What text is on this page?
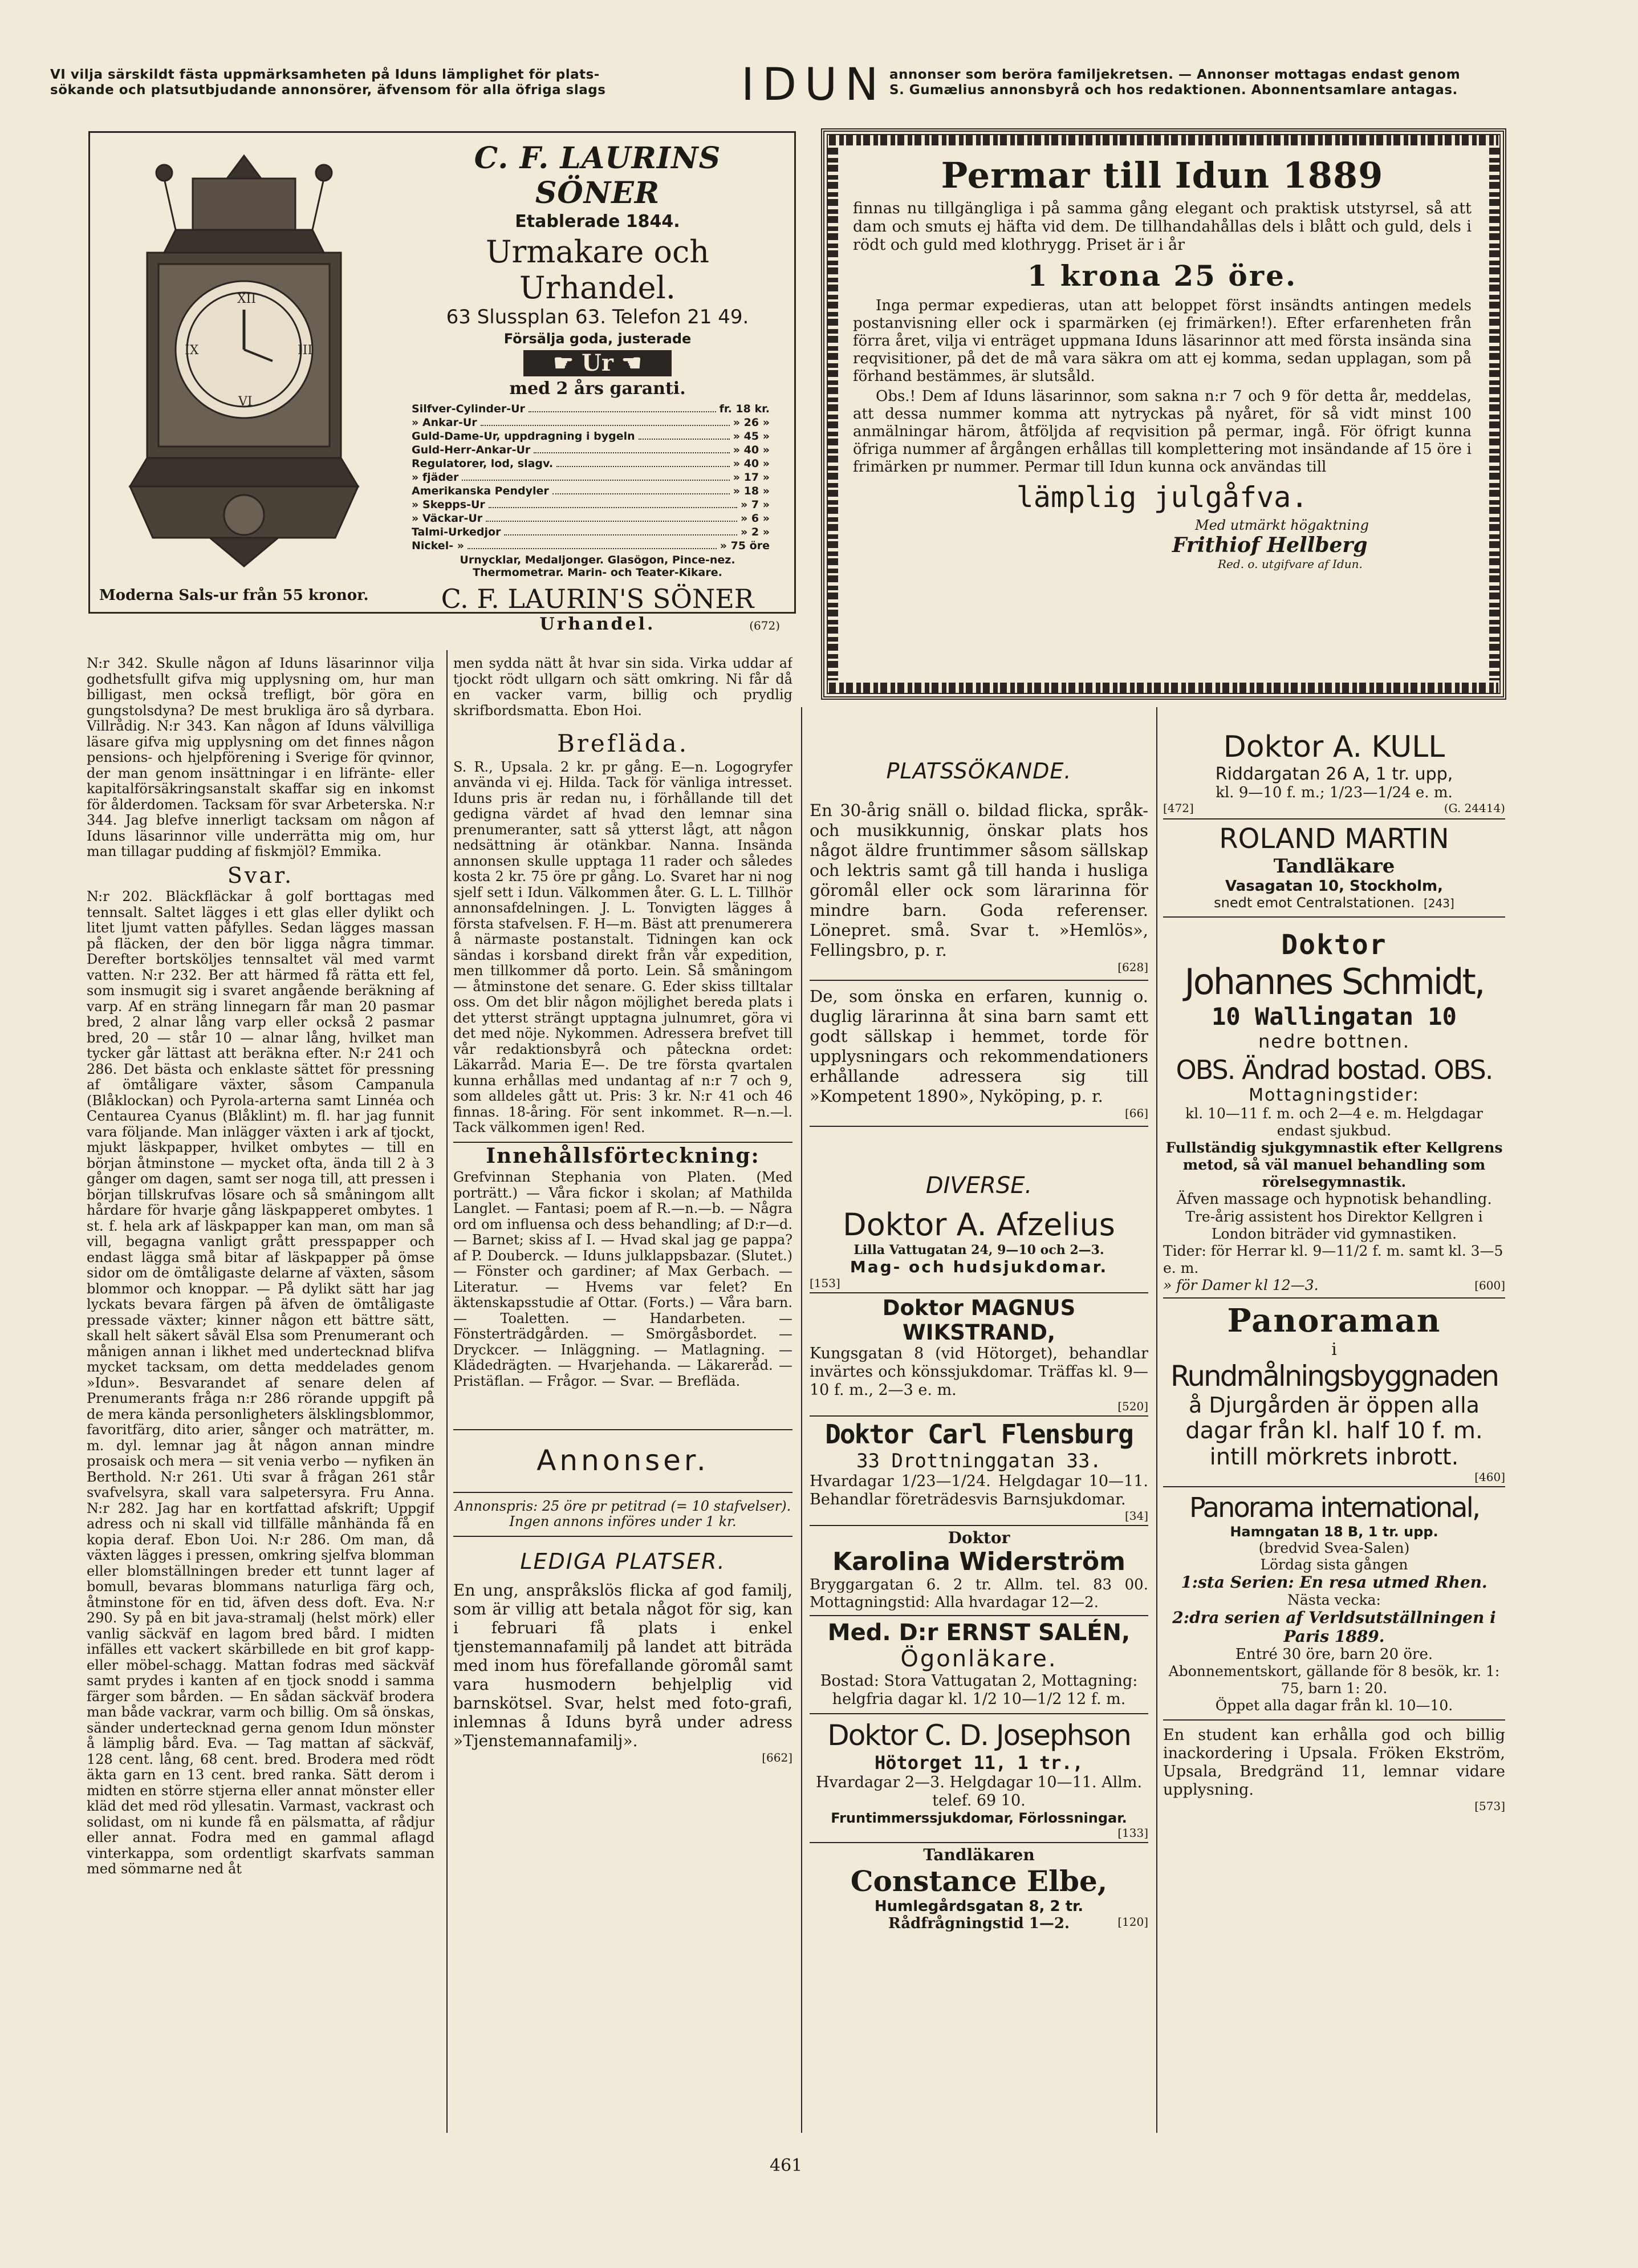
VI vilja särskildt fästa uppmärksamheten på Iduns lämplighet för plats-
sökande och platsutbjudande annonsörer, äfvensom för alla öfriga slags	IDUN annonser som beröra familjekretsen. — Annonser mottagas endast genom
S. Gumælius annonsbyrå och hos redaktionen. Abonnentsamlare antagas.
XII
III
VI
IX
Moderna Sals-ur från 55 kronor.
C. F. LAURINS SÖNER
Etablerade 1844.
Urmakare och Urhandel.
63 Slussplan 63. Telefon 21 49.
Försälja goda, justerade
☛ Ur ☚
med 2 års garanti.
Silfver-Cylinder-Ur	fr. 18 kr.
» Ankar-Ur	» 26 »
Guld-Dame-Ur, uppdragning i bygeln	» 45 »
Guld-Herr-Ankar-Ur	» 40 »
Regulatorer, lod, slagv.	» 40 »
» fjäder	» 17 »
Amerikanska Pendyler	» 18 »
» Skepps-Ur	» 7 »
» Väckar-Ur	» 6 »
Talmi-Urkedjor	» 2 »
Nickel- »	» 75 öre
Urnycklar, Medaljonger. Glasögon, Pince-nez.
Thermometrar. Marin- och Teater-Kikare.
C. F. LAURIN'S SÖNER
Urhandel.	(672)
Permar till Idun 1889
finnas nu tillgängliga i på samma gång elegant och praktisk utstyrsel, så att dam och smuts ej häfta vid dem. De tillhandahållas dels i blått och guld, dels i rödt och guld med klothrygg. Priset är i år
1 krona 25 öre.
Inga permar expedieras, utan att beloppet först insändts antingen medels postanvisning eller ock i sparmärken (ej frimärken!). Efter erfarenheten från förra året, vilja vi enträget uppmana Iduns läsarinnor att med första insända sina reqvisitioner, på det de må vara säkra om att ej komma, sedan upplagan, som på förhand bestämmes, är slutsåld.
Obs.! Dem af Iduns läsarinnor, som sakna n:r 7 och 9 för detta år, meddelas, att dessa nummer komma att nytryckas på nyåret, för så vidt minst 100 anmälningar härom, åtföljda af reqvisition på permar, ingå. För öfrigt kunna öfriga nummer af årgången erhållas till komplettering mot insändande af 15 öre i frimärken pr nummer. Permar till Idun kunna ock användas till
lämplig julgåfva.
Med utmärkt högaktning
Frithiof Hellberg
Red. o. utgifvare af Idun.

N:r 342. Skulle någon af Iduns läsarinnor vilja godhetsfullt gifva mig upplysning om, hur man billigast, men också trefligt, bör göra en gungstolsdyna? De mest brukliga äro så dyrbara. Villrådig. N:r 343. Kan någon af Iduns välvilliga läsare gifva mig upplysning om det finnes någon pensions- och hjelpförening i Sverige för qvinnor, der man genom insättningar i en lifränte- eller kapitalförsäkringsanstalt skaffar sig en inkomst för ålderdomen. Tacksam för svar Arbeterska. N:r 344. Jag blefve innerligt tacksam om någon af Iduns läsarinnor ville underrätta mig om, hur man tillagar pudding af fiskmjöl? Emmika.

Svar.

N:r 202. Bläckfläckar å golf borttagas med tennsalt. Saltet lägges i ett glas eller dylikt och litet ljumt vatten påfylles. Sedan lägges massan på fläcken, der den bör ligga några timmar. Derefter bortsköljes tennsaltet väl med varmt vatten. N:r 232. Ber att härmed få rätta ett fel, som insmugit sig i svaret angående beräkning af varp. Af en sträng linnegarn får man 20 pasmar bred, 2 alnar lång varp eller också 2 pasmar bred, 20 — står 10 — alnar lång, hvilket man tycker går lättast att beräkna efter. N:r 241 och 286. Det bästa och enklaste sättet för pressning af ömtåligare växter, såsom Campanula (Blåklockan) och Pyrola-arterna samt Linnéa och Centaurea Cyanus (Blåklint) m. fl. har jag funnit vara följande. Man inlägger växten i ark af tjockt, mjukt läskpapper, hvilket ombytes — till en början åtminstone — mycket ofta, ända till 2 à 3 gånger om dagen, samt ser noga till, att pressen i början tillskrufvas lösare och så småningom allt hårdare för hvarje gång läskpapperet ombytes. 1 st. f. hela ark af läskpapper kan man, om man så vill, begagna vanligt grått presspapper och endast lägga små bitar af läskpapper på ömse sidor om de ömtåligaste delarne af växten, såsom blommor och knoppar. — På dylikt sätt har jag lyckats bevara färgen på äfven de ömtåligaste pressade växter; kinner någon ett bättre sätt, skall helt säkert såväl Elsa som Prenumerant och månigen annan i likhet med undertecknad blifva mycket tacksam, om detta meddelades genom »Idun». Besvarandet af senare delen af Prenumerants fråga n:r 286 rörande uppgift på de mera kända personligheters älsklingsblommor, favoritfärg, dito arier, sånger och maträtter, m. m. dyl. lemnar jag åt någon annan mindre prosaisk och mera — sit venia verbo — nyfiken än Berthold. N:r 261. Uti svar å frågan 261 står svafvelsyra, skall vara salpetersyra. Fru Anna. N:r 282. Jag har en kortfattad afskrift; Uppgif adress och ni skall vid tillfälle månhända få en kopia deraf. Ebon Uoi. N:r 286. Om man, då växten lägges i pressen, omkring sjelfva blomman eller blomställningen breder ett tunnt lager af bomull, bevaras blommans naturliga färg och, åtminstone för en tid, äfven dess doft. Eva. N:r 290. Sy på en bit java-stramalj (helst mörk) eller vanlig säckväf en lagom bred bård. I midten infälles ett vackert skärbillede en bit grof kapp- eller möbel-schagg. Mattan fodras med säckväf samt prydes i kanten af en tjock snodd i samma färger som bården. — En sådan säckväf brodera man både vackrar, varm och billig. Om så önskas, sänder undertecknad gerna genom Idun mönster å lämplig bård. Eva. — Tag mattan af säckväf, 128 cent. lång, 68 cent. bred. Brodera med rödt äkta garn en 13 cent. bred ranka. Sätt derom i midten en större stjerna eller annat mönster eller kläd det med röd yllesatin. Varmast, vackrast och solidast, om ni kunde få en pälsmatta, af rådjur eller annat. Fodra med en gammal aflagd vinterkappa, som ordentligt skarfvats samman med sömmarne ned åt

men sydda nätt åt hvar sin sida. Virka uddar af tjockt rödt ullgarn och sätt omkring. Ni får då en vacker varm, billig och prydlig skrifbordsmatta. Ebon Hoi.

Brefläda.

S. R., Upsala. 2 kr. pr gång. E—n. Logogryfer använda vi ej. Hilda. Tack för vänliga intresset. Iduns pris är redan nu, i förhållande till det gedigna värdet af hvad den lemnar sina prenumeranter, satt så ytterst lågt, att någon nedsättning är otänkbar. Nanna. Insända annonsen skulle upptaga 11 rader och således kosta 2 kr. 75 öre pr gång. Lo. Svaret har ni nog sjelf sett i Idun. Välkommen åter. G. L. L. Tillhör annonsafdelningen. J. L. Tonvigten lägges å första stafvelsen. F. H—m. Bäst att prenumerera å närmaste postanstalt. Tidningen kan ock sändas i korsband direkt från vår expedition, men tillkommer då porto. Lein. Så småningom — åtminstone det senare. G. Eder skiss tilltalar oss. Om det blir någon möjlighet bereda plats i det ytterst strängt upptagna julnumret, göra vi det med nöje. Nykommen. Adressera brefvet till vår redaktionsbyrå och påtecknа ordet: Läkarråd. Maria E—. De tre första qvartalen kunna erhållas med undantag af n:r 7 och 9, som alldeles gått ut. Pris: 3 kr. N:r 41 och 46 finnas. 18-åring. För sent inkommet. R—n.—l. Tack välkommen igen! Red.

Innehållsförteckning:

Grefvinnan Stephania von Platen. (Med porträtt.) — Våra fickor i skolan; af Mathilda Langlet. — Fantasi; poem af R.—n.—b. — Några ord om influensa och dess behandling; af D:r—d. — Barnet; skiss af I. — Hvad skal jag ge pappa? af P. Douberck. — Iduns julklappsbazar. (Slutet.) — Fönster och gardiner; af Max Gerbach. — Literatur. — Hvems var felet? En äktenskapsstudie af Ottar. (Forts.) — Våra barn. — Toaletten. — Handarbeten. — Fönsterträdgården. — Smörgåsbordet. — Dryckcer. — Inläggning. — Matlagning. — Klädedrägten. — Hvarjehanda. — Läkarеråd. — Pristäflan. — Frågor. — Svar. — Brefläda.

Annonser.

Annonspris: 25 öre pr petitrad (= 10 stafvelser). Ingen annons införes under 1 kr.

LEDIGA PLATSER.

En ung, anspråkslös flicka af god familj, som är villig att betala något för sig, kan i februari få plats i enkel tjenstemannafamilj på landet att biträda med inom hus förefallande göromål samt vara husmodern behjelplig vid barnskötsel. Svar, helst med foto-grafi, inlemnas å Iduns byrå under adress »Tjenstemannafamilj».

[662]
PLATSSÖKANDE.
En 30-årig snäll o. bildad flicka, språk- och musikkunnig, önskar plats hos något äldre fruntimmer såsom sällskap och lektris samt gå till handa i husliga göromål eller ock som lärarinna för mindre barn. Goda referenser. Lönepret. små. Svar t. »Hemlös», Fellingsbro, p. r.
[628]
De, som önska en erfaren, kunnig o. duglig lärarinna åt sina barn samt ett godt sällskap i hemmet, torde för upplysningars och rekommendationers erhållande adressera sig till »Kompetent 1890», Nyköping, p. r.
[66]
DIVERSE.
Doktor A. Afzelius
Lilla Vattugatan 24, 9—10 och 2—3.
Mag- och hudsjukdomar.
[153]
Doktor MAGNUS WIKSTRAND,
Kungsgatan 8 (vid Hötorget), behandlar invärtes och könssjukdomar. Träffas kl. 9—10 f. m., 2—3 e. m.
[520]
Doktor Carl Flensburg
33 Drottninggatan 33.
Hvardagar 1/23—1/24. Helgdagar 10—11. Behandlar företrädesvis Barnsjukdomar.
[34]
Doktor
Karolina Widerström
Bryggargatan 6. 2 tr. Allm. tel. 83 00. Mottagningstid: Alla hvardagar 12—2.
Med. D:r ERNST SALÉN,
Ögonläkare.
Bostad: Stora Vattugatan 2, Mottagning: helgfria dagar kl. 1/2 10—1/2 12 f. m.
Doktor C. D. Josephson
Hötorget 11, 1 tr.,
Hvardagar 2—3. Helgdagar 10—11. Allm. telef. 69 10.
Fruntimmerssjukdomar, Förlossningar.
[133]
Tandläkaren
Constance Elbe,
Humlegårdsgatan 8, 2 tr.
Rådfrågningstid 1—2.	[120]
Doktor A. KULL
Riddargatan 26 A, 1 tr. upp,
kl. 9—10 f. m.; 1/23—1/24 e. m.
[472]	(G. 24414)
ROLAND MARTIN
Tandläkare
Vasagatan 10, Stockholm,
snedt emot Centralstationen. [243]
Doktor
Johannes Schmidt,
10 Wallingatan 10
nedre bottnen.
OBS. Ändrad bostad. OBS.
Mottagningstider:
kl. 10—11 f. m. och 2—4 e. m. Helgdagar endast sjukbud.
Fullständig sjukgymnastik efter Kellgrens metod, så väl manuel behandling som rörelsegymnastik.
Äfven massage och hypnotisk behandling.
Tre-årig assistent hos Direktor Kellgren i London biträder vid gymnastiken.
Tider: för Herrar kl. 9—11/2 f. m. samt kl. 3—5 e. m.
» för Damer kl 12—3.	[600]
Panoraman
i
Rundmålningsbyggnaden
å Djurgården är öppen alla
dagar från kl. half 10 f. m.
intill mörkrets inbrott.
[460]
Panorama international,
Hamngatan 18 B, 1 tr. upp.
(bredvid Svea-Salen)
Lördag sista gången
1:sta Serien: En resa utmed Rhen.
Nästa vecka:
2:dra serien af Verldsutställningen i Paris 1889.
Entré 30 öre, barn 20 öre.
Abonnementskort, gällande för 8 besök, kr. 1: 75, barn 1: 20.
Öppet alla dagar från kl. 10—10.
En student kan erhålla god och billig inackordering i Upsala. Fröken Ekström, Upsala, Bredgränd 11, lemnar vidare upplysning.
[573]
461
